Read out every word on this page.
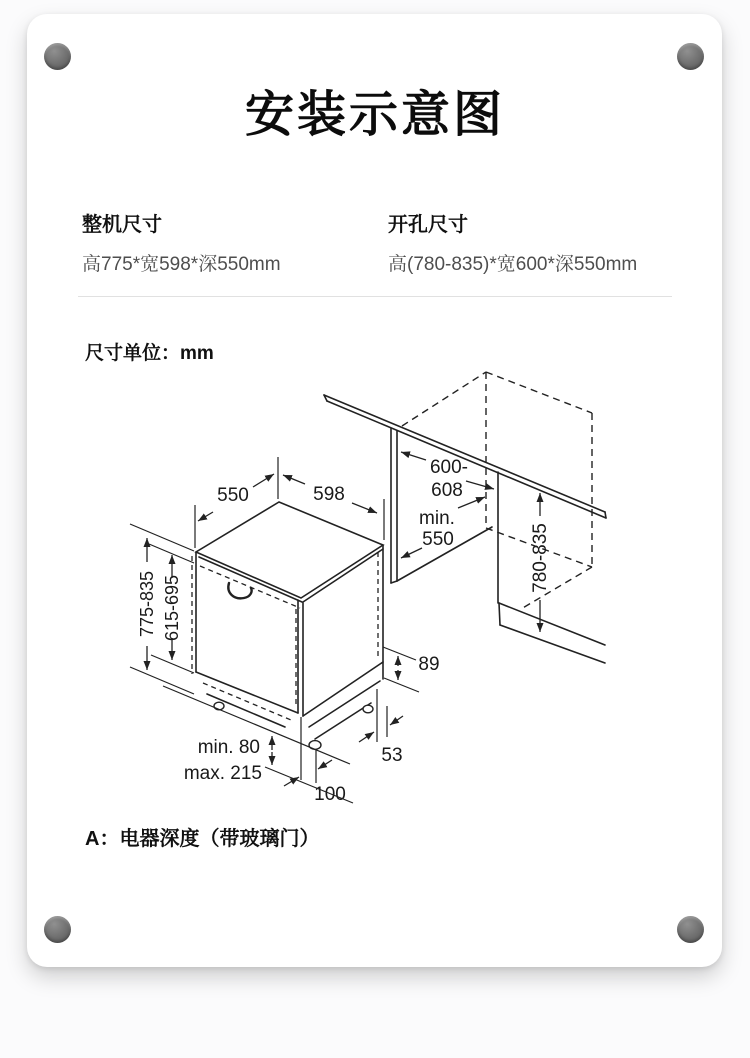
安装示意图
整机尺寸
高775*宽598*深550mm
开孔尺寸
高(780-835)*宽600*深550mm
尺寸单位：mm
550	598
775-835 615-695
600-
608
min.
550	780-835
89
53
100
min. 80
max. 215
A：电器深度（带玻璃门）
